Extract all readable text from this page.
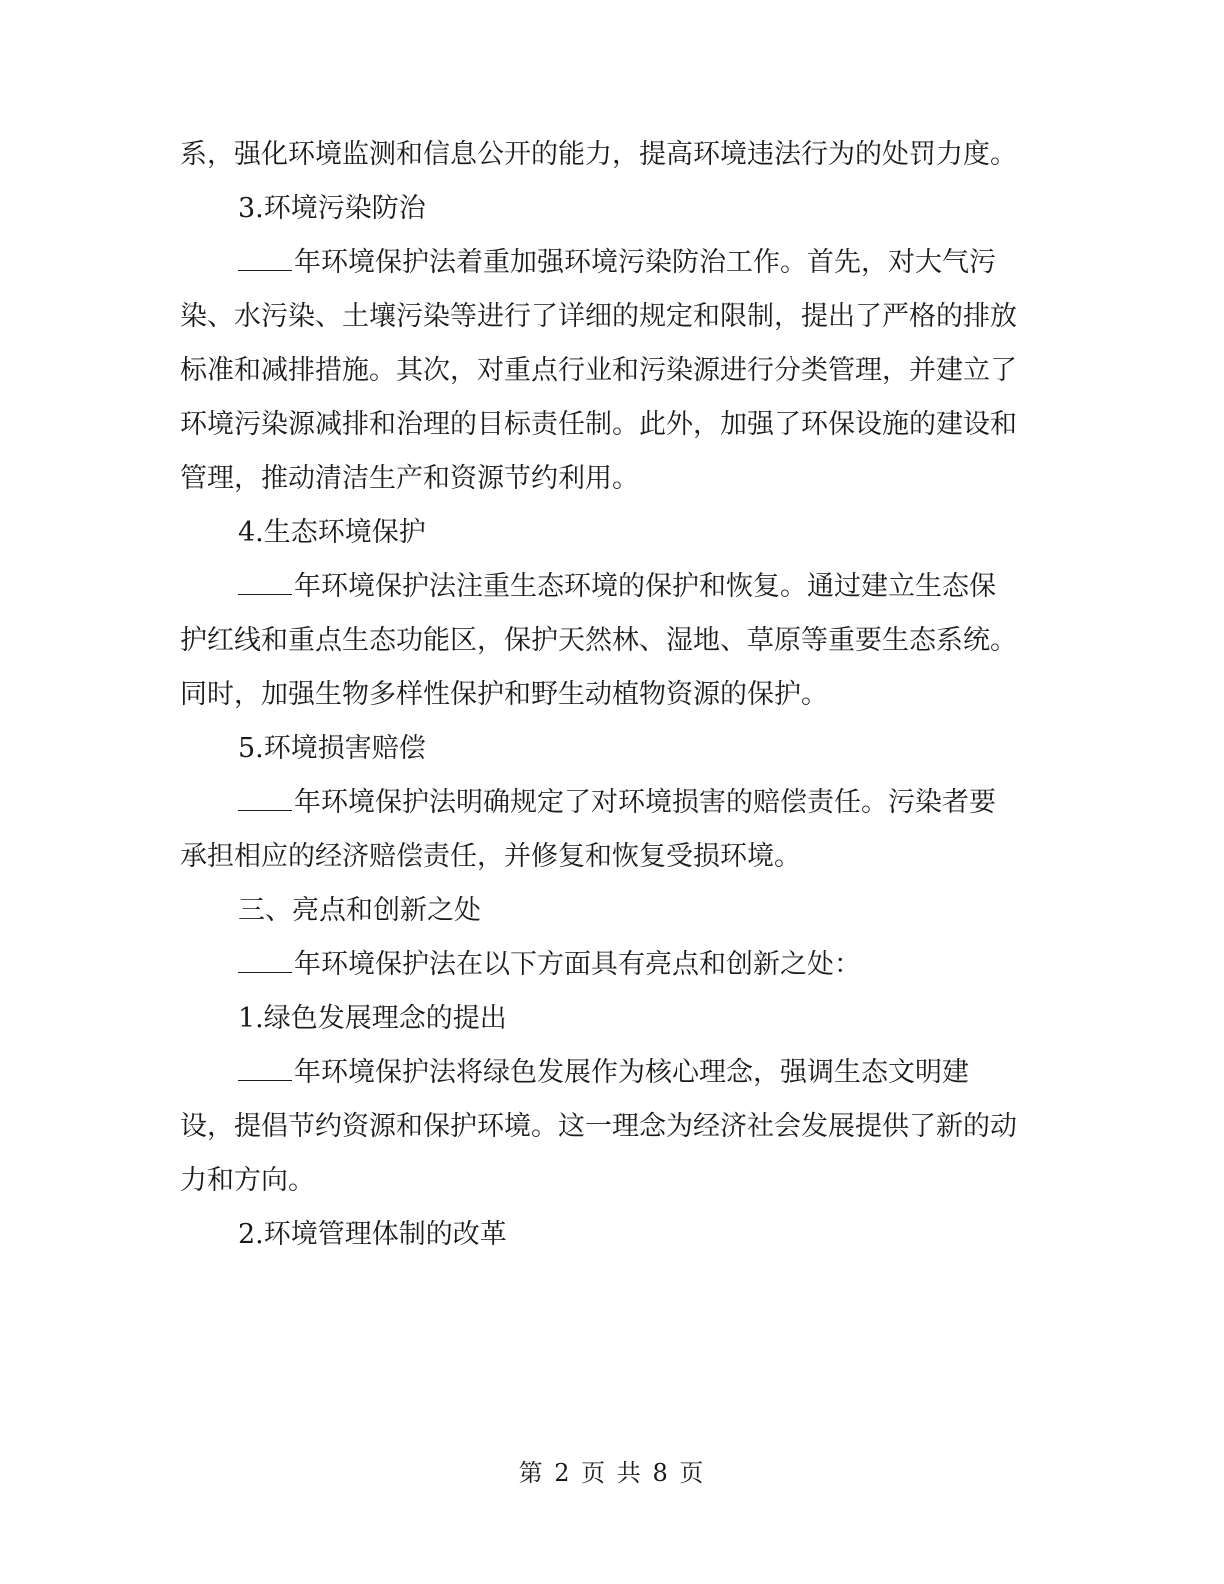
系，强化环境监测和信息公开的能力，提高环境违法行为的处罚力度。

3.环境污染防治

年环境保护法着重加强环境污染防治工作。首先，对大气污染、水污染、土壤污染等进行了详细的规定和限制，提出了严格的排放标准和减排措施。其次，对重点行业和污染源进行分类管理，并建立了环境污染源减排和治理的目标责任制。此外，加强了环保设施的建设和管理，推动清洁生产和资源节约利用。

4.生态环境保护

年环境保护法注重生态环境的保护和恢复。通过建立生态保护红线和重点生态功能区，保护天然林、湿地、草原等重要生态系统。同时，加强生物多样性保护和野生动植物资源的保护。

5.环境损害赔偿

年环境保护法明确规定了对环境损害的赔偿责任。污染者要承担相应的经济赔偿责任，并修复和恢复受损环境。

三、亮点和创新之处

年环境保护法在以下方面具有亮点和创新之处：

1.绿色发展理念的提出

年环境保护法将绿色发展作为核心理念，强调生态文明建设，提倡节约资源和保护环境。这一理念为经济社会发展提供了新的动力和方向。

2.环境管理体制的改革

第 2 页 共 8 页
